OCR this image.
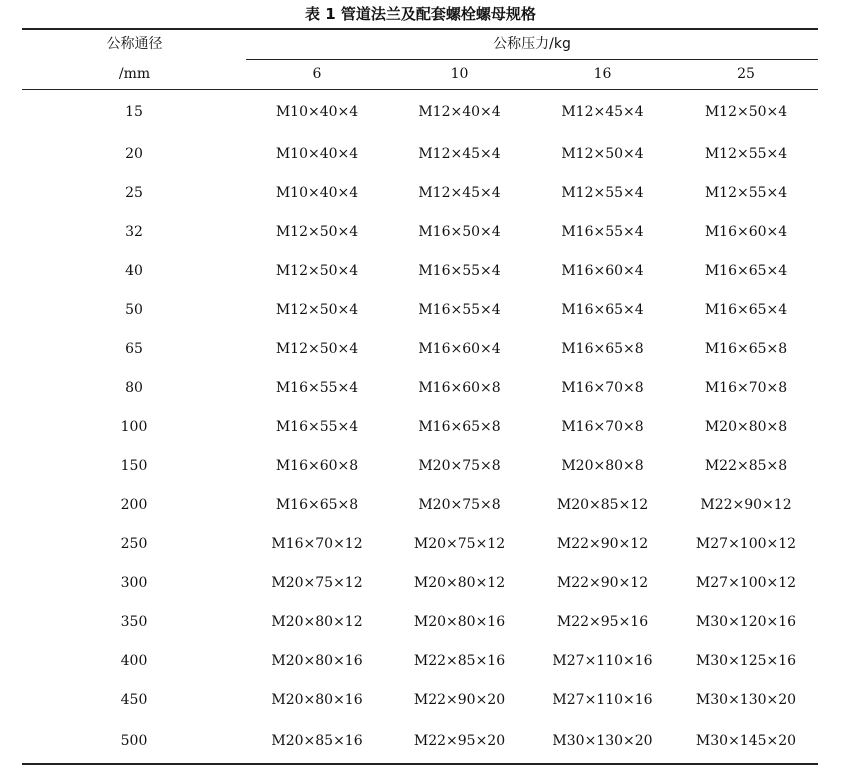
表 1 管道法兰及配套螺栓螺母规格
公称通径
/mm
公称压力/kg
6	10	16	25
15	M10×40×4	M12×40×4	M12×45×4	M12×50×4
20	M10×40×4	M12×45×4	M12×50×4	M12×55×4
25	M10×40×4	M12×45×4	M12×55×4	M12×55×4
32	M12×50×4	M16×50×4	M16×55×4	M16×60×4
40	M12×50×4	M16×55×4	M16×60×4	M16×65×4
50	M12×50×4	M16×55×4	M16×65×4	M16×65×4
65	M12×50×4	M16×60×4	M16×65×8	M16×65×8
80	M16×55×4	M16×60×8	M16×70×8	M16×70×8
100	M16×55×4	M16×65×8	M16×70×8	M20×80×8
150	M16×60×8	M20×75×8	M20×80×8	M22×85×8
200	M16×65×8	M20×75×8	M20×85×12	M22×90×12
250	M16×70×12	M20×75×12	M22×90×12	M27×100×12
300	M20×75×12	M20×80×12	M22×90×12	M27×100×12
350	M20×80×12	M20×80×16	M22×95×16	M30×120×16
400	M20×80×16	M22×85×16	M27×110×16	M30×125×16
450	M20×80×16	M22×90×20	M27×110×16	M30×130×20
500	M20×85×16	M22×95×20	M30×130×20	M30×145×20
